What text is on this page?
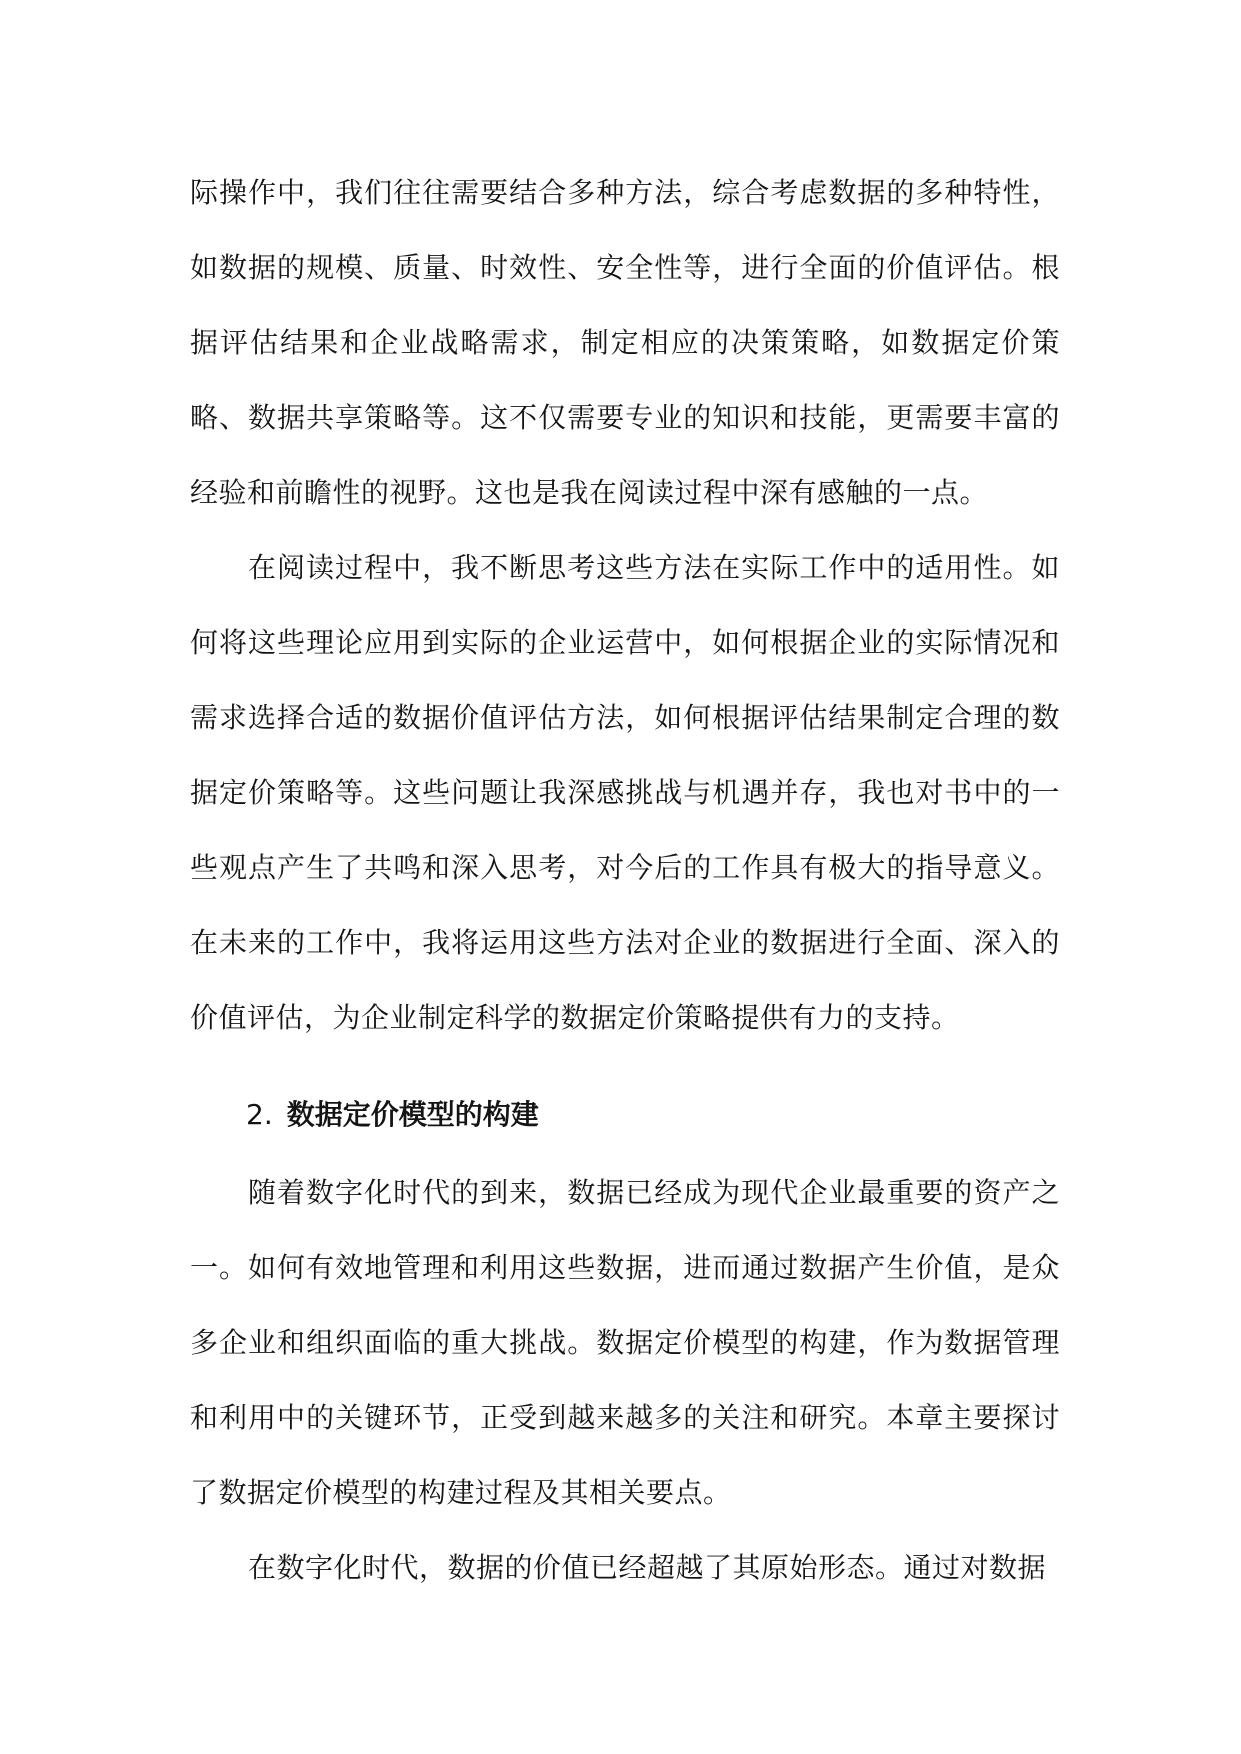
际操作中，我们往往需要结合多种方法，综合考虑数据的多种特性，如数据的规模、质量、时效性、安全性等，进行全面的价值评估。根据评估结果和企业战略需求，制定相应的决策策略，如数据定价策略、数据共享策略等。这不仅需要专业的知识和技能，更需要丰富的经验和前瞻性的视野。这也是我在阅读过程中深有感触的一点。

在阅读过程中，我不断思考这些方法在实际工作中的适用性。如何将这些理论应用到实际的企业运营中，如何根据企业的实际情况和需求选择合适的数据价值评估方法，如何根据评估结果制定合理的数据定价策略等。这些问题让我深感挑战与机遇并存，我也对书中的一些观点产生了共鸣和深入思考，对今后的工作具有极大的指导意义。在未来的工作中，我将运用这些方法对企业的数据进行全面、深入的价值评估，为企业制定科学的数据定价策略提供有力的支持。

2. 数据定价模型的构建

随着数字化时代的到来，数据已经成为现代企业最重要的资产之一。如何有效地管理和利用这些数据，进而通过数据产生价值，是众多企业和组织面临的重大挑战。数据定价模型的构建，作为数据管理和利用中的关键环节，正受到越来越多的关注和研究。本章主要探讨了数据定价模型的构建过程及其相关要点。

在数字化时代，数据的价值已经超越了其原始形态。通过对数据
